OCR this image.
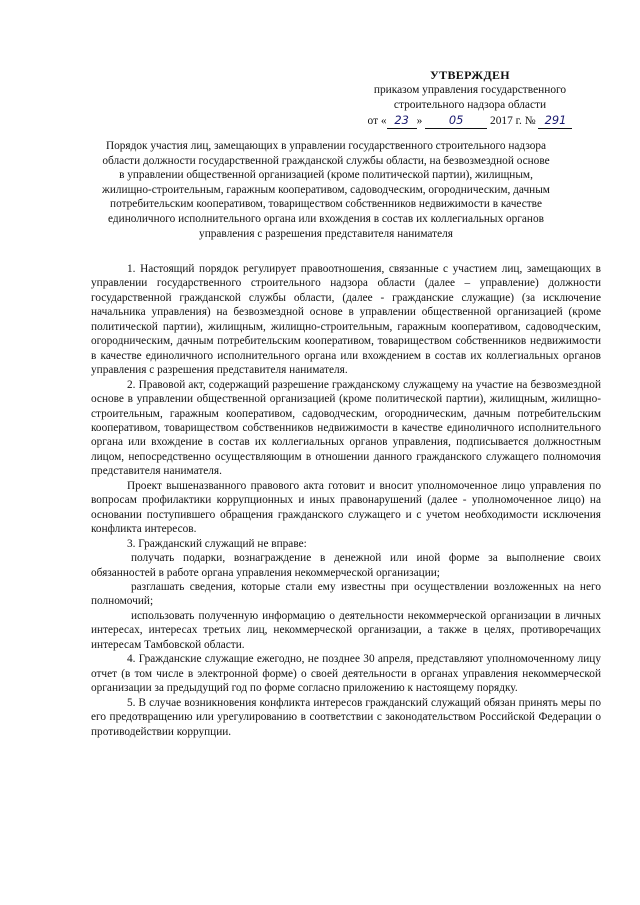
УТВЕРЖДЕН
приказом управления государственного
строительного надзора области
от « 23 » 05 2017 г. № 291
Порядок участия лиц, замещающих в управлении государственного строительного надзора области должности государственной гражданской службы области, на безвозмездной основе в управлении общественной организацией (кроме политической партии), жилищным, жилищно-строительным, гаражным кооперативом, садоводческим, огородническим, дачным потребительским кооперативом, товариществом собственников недвижимости в качестве единоличного исполнительного органа или вхождения в состав их коллегиальных органов управления с разрешения представителя нанимателя

1. Настоящий порядок регулирует правоотношения, связанные с участием лиц, замещающих в управлении государственного строительного надзора области (далее – управление) должности государственной гражданской службы области, (далее - гражданские служащие) (за исключение начальника управления) на безвозмездной основе в управлении общественной организацией (кроме политической партии), жилищным, жилищно-строительным, гаражным кооперативом, садоводческим, огородническим, дачным потребительским кооперативом, товариществом собственников недвижимости в качестве единоличного исполнительного органа или вхождением в состав их коллегиальных органов управления с разрешения представителя нанимателя.

2. Правовой акт, содержащий разрешение гражданскому служащему на участие на безвозмездной основе в управлении общественной организацией (кроме политической партии), жилищным, жилищно-строительным, гаражным кооперативом, садоводческим, огородническим, дачным потребительским кооперативом, товариществом собственников недвижимости в качестве единоличного исполнительного органа или вхождение в состав их коллегиальных органов управления, подписывается должностным лицом, непосредственно осуществляющим в отношении данного гражданского служащего полномочия представителя нанимателя.

Проект вышеназванного правового акта готовит и вносит уполномоченное лицо управления по вопросам профилактики коррупционных и иных правонарушений (далее - уполномоченное лицо) на основании поступившего обращения гражданского служащего и с учетом необходимости исключения конфликта интересов.

3. Гражданский служащий не вправе:

получать подарки, вознаграждение в денежной или иной форме за выполнение своих обязанностей в работе органа управления некоммерческой организации;

разглашать сведения, которые стали ему известны при осуществлении возложенных на него полномочий;

использовать полученную информацию о деятельности некоммерческой организации в личных интересах, интересах третьих лиц, некоммерческой организации, а также в целях, противоречащих интересам Тамбовской области.

4. Гражданские служащие ежегодно, не позднее 30 апреля, представляют уполномоченному лицу отчет (в том числе в электронной форме) о своей деятельности в органах управления некоммерческой организации за предыдущий год по форме согласно приложению к настоящему порядку.

5. В случае возникновения конфликта интересов гражданский служащий обязан принять меры по его предотвращению или урегулированию в соответствии с законодательством Российской Федерации о противодействии коррупции.
